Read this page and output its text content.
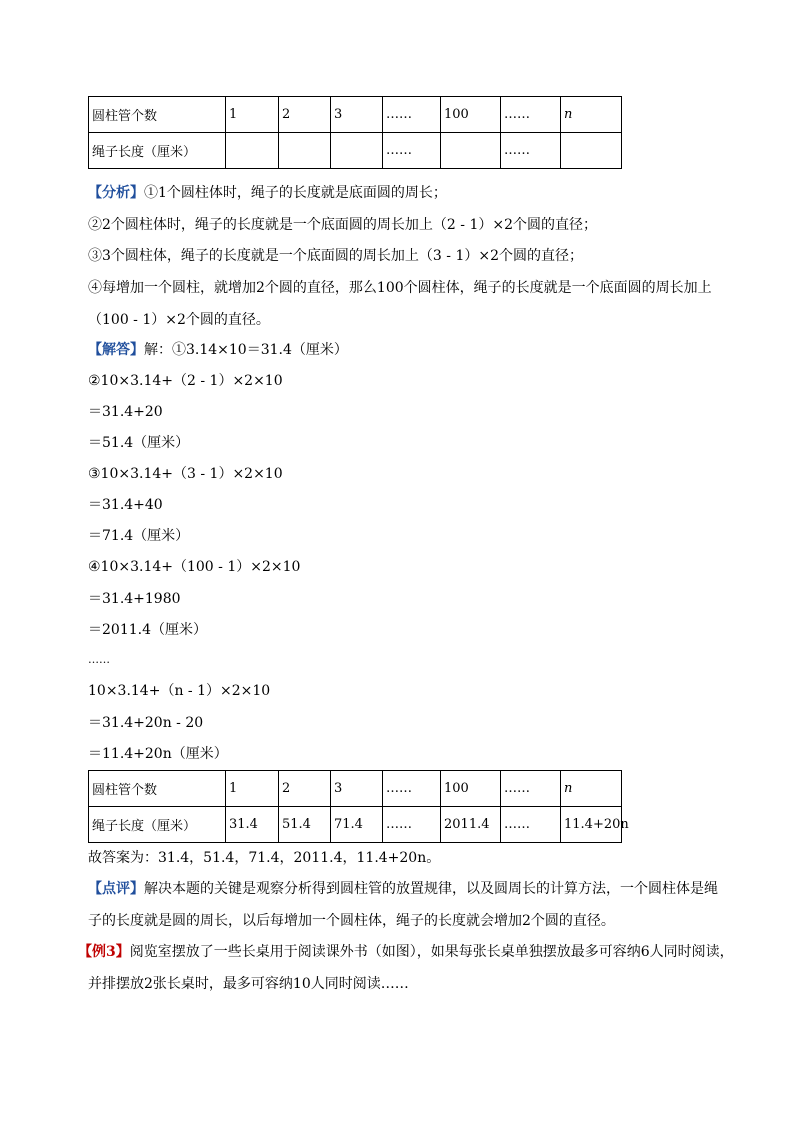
圆柱管个数	1	2	3	……	100	……	n
绳子长度（厘米）				……		……	
【分析】①1个圆柱体时，绳子的长度就是底面圆的周长；
②2个圆柱体时，绳子的长度就是一个底面圆的周长加上（2 - 1）×2个圆的直径；
③3个圆柱体，绳子的长度就是一个底面圆的周长加上（3 - 1）×2个圆的直径；
④每增加一个圆柱，就增加2个圆的直径，那么100个圆柱体，绳子的长度就是一个底面圆的周长加上
（100 - 1）×2个圆的直径。
【解答】解：①3.14×10＝31.4（厘米）
②10×3.14+（2 - 1）×2×10
＝31.4+20
＝51.4（厘米）
③10×3.14+（3 - 1）×2×10
＝31.4+40
＝71.4（厘米）
④10×3.14+（100 - 1）×2×10
＝31.4+1980
＝2011.4（厘米）
……
10×3.14+（n - 1）×2×10
＝31.4+20n - 20
＝11.4+20n（厘米）
圆柱管个数	1	2	3	……	100	……	n
绳子长度（厘米）	31.4	51.4	71.4	……	2011.4	……	11.4+20n
故答案为：31.4，51.4，71.4，2011.4，11.4+20n。
【点评】解决本题的关键是观察分析得到圆柱管的放置规律，以及圆周长的计算方法，一个圆柱体是绳
子的长度就是圆的周长，以后每增加一个圆柱体，绳子的长度就会增加2个圆的直径。
【例3】阅览室摆放了一些长桌用于阅读课外书（如图），如果每张长桌单独摆放最多可容纳6人同时阅读，
并排摆放2张长桌时，最多可容纳10人同时阅读……
